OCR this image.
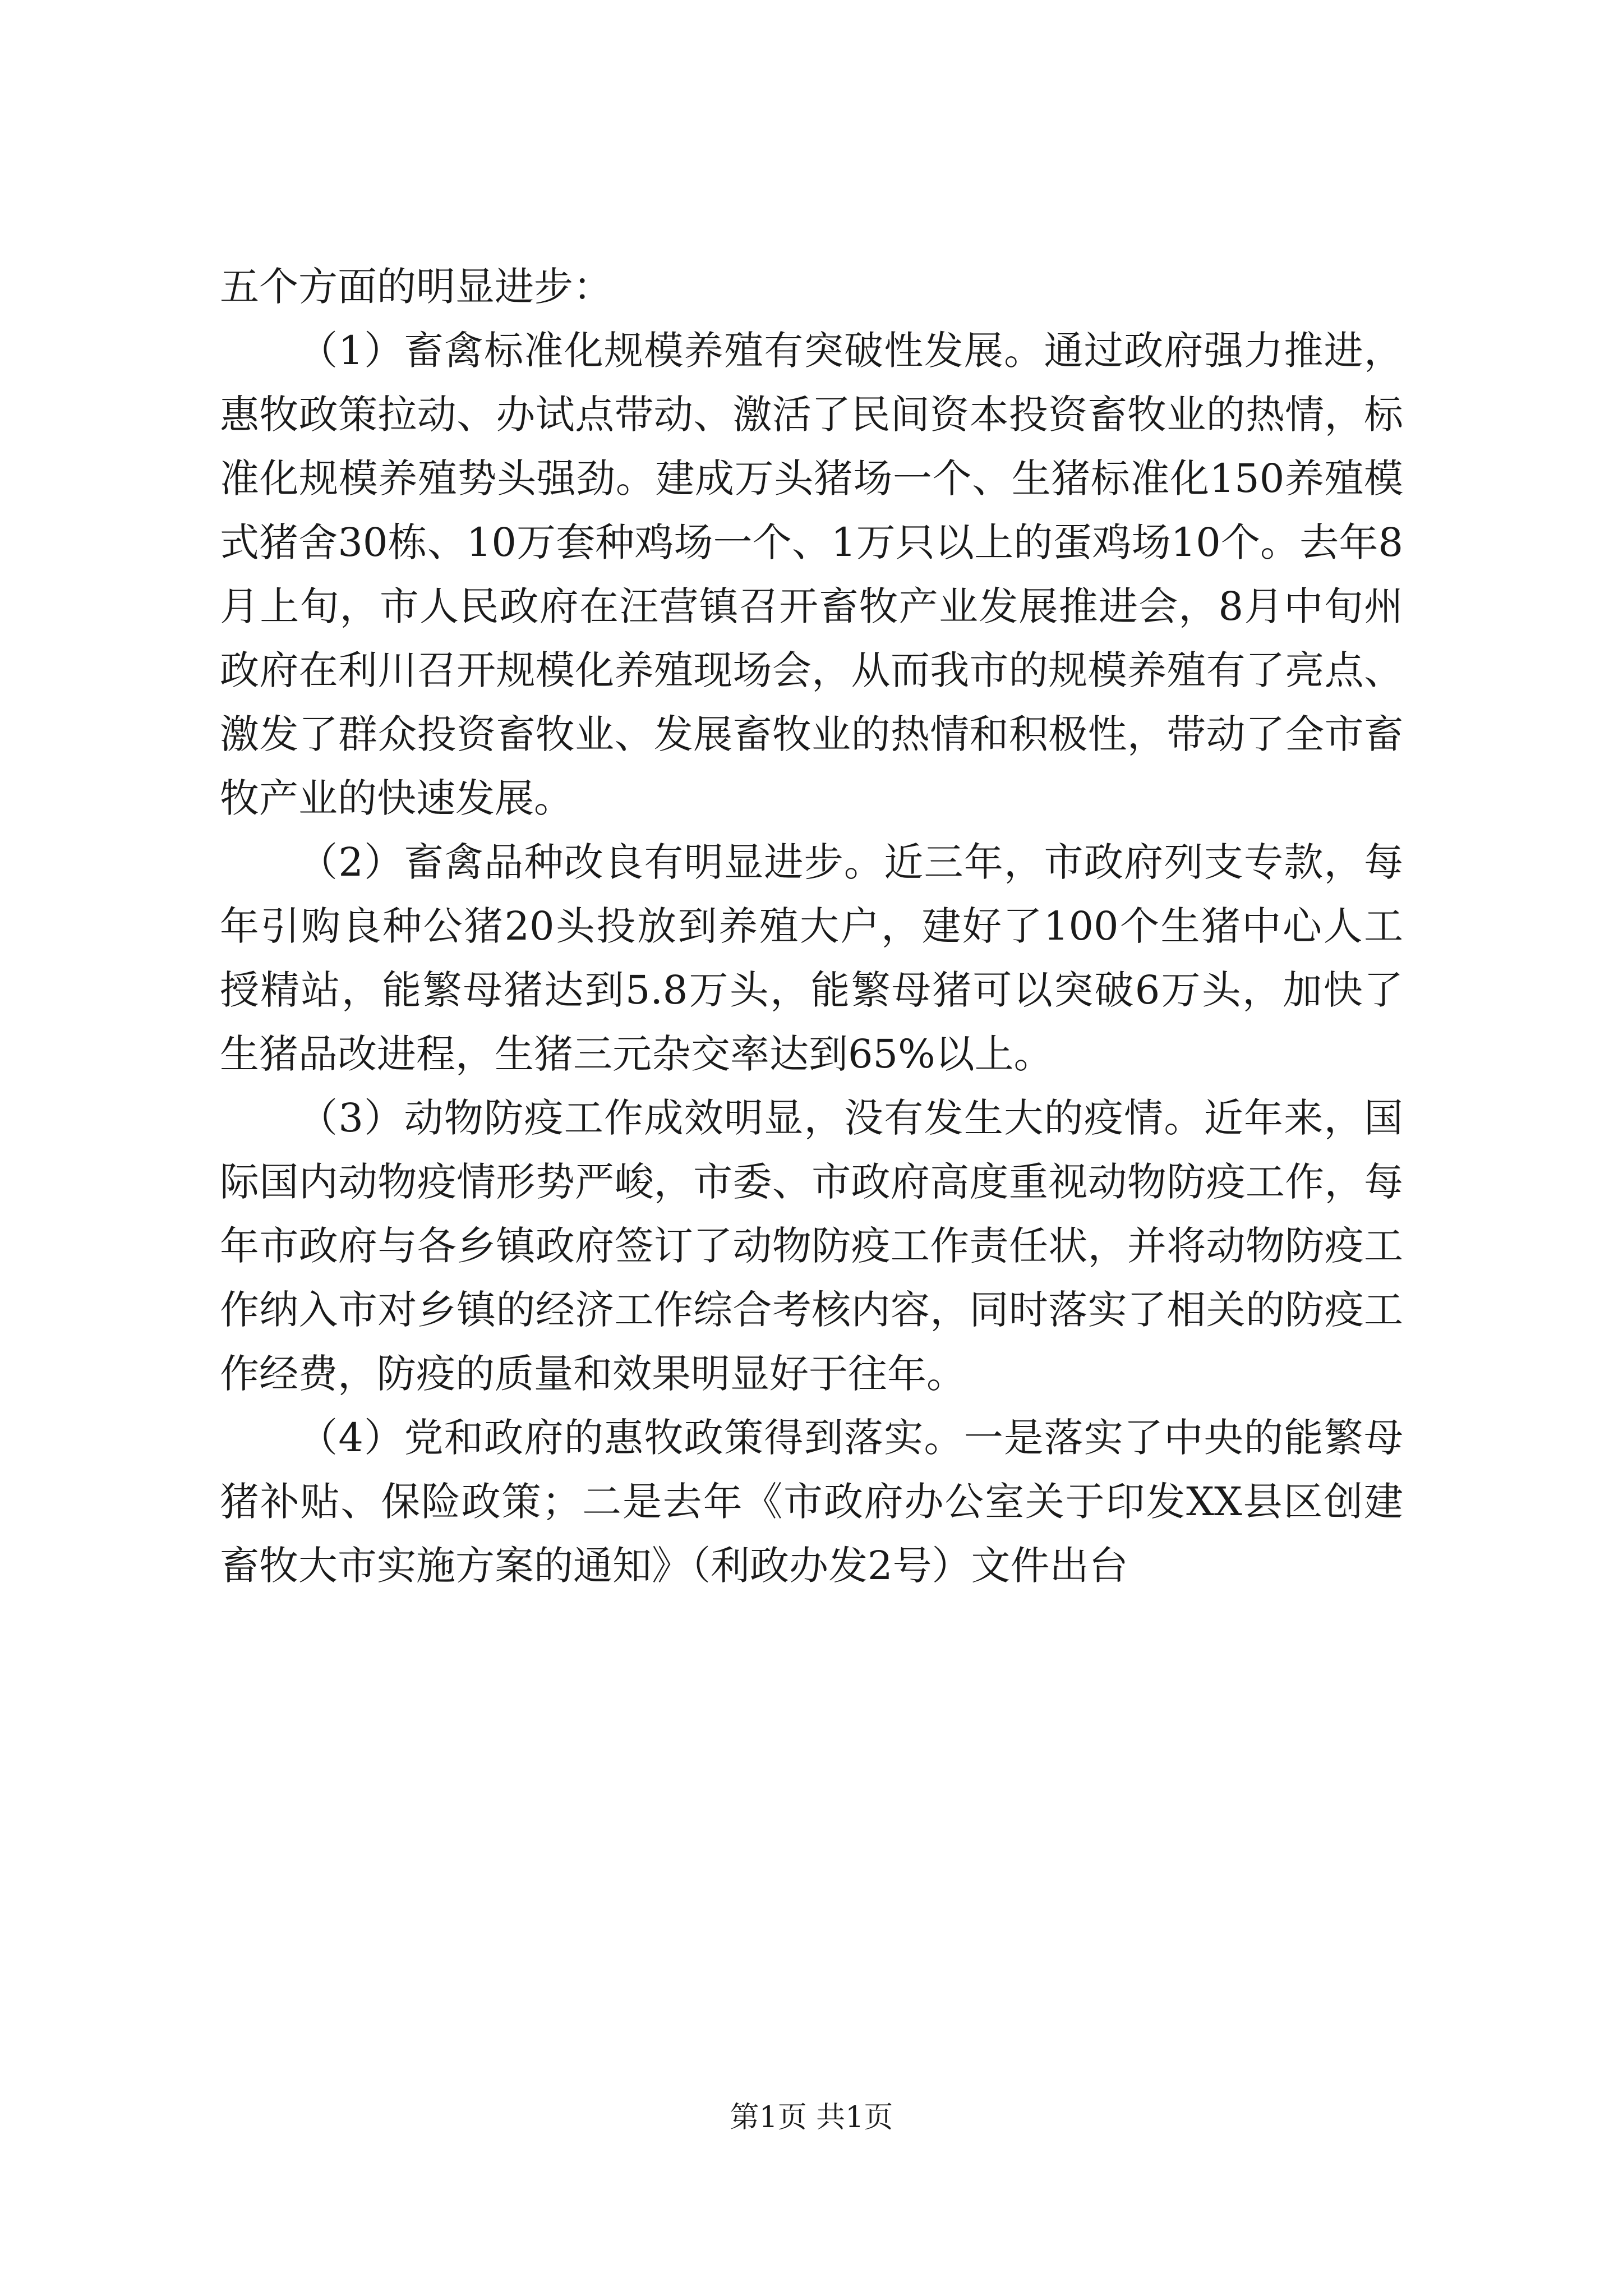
五个方面的明显进步：

（1）畜禽标准化规模养殖有突破性发展。通过政府强力推进，惠牧政策拉动、办试点带动、激活了民间资本投资畜牧业的热情，标准化规模养殖势头强劲。建成万头猪场一个、生猪标准化150养殖模式猪舍30栋、10万套种鸡场一个、1万只以上的蛋鸡场10个。去年8月上旬，市人民政府在汪营镇召开畜牧产业发展推进会，8月中旬州政府在利川召开规模化养殖现场会，从而我市的规模养殖有了亮点、激发了群众投资畜牧业、发展畜牧业的热情和积极性，带动了全市畜牧产业的快速发展。

（2）畜禽品种改良有明显进步。近三年，市政府列支专款，每年引购良种公猪20头投放到养殖大户，建好了100个生猪中心人工授精站，能繁母猪达到5.8万头，能繁母猪可以突破6万头，加快了生猪品改进程，生猪三元杂交率达到65%以上。

（3）动物防疫工作成效明显，没有发生大的疫情。近年来，国际国内动物疫情形势严峻，市委、市政府高度重视动物防疫工作，每年市政府与各乡镇政府签订了动物防疫工作责任状，并将动物防疫工作纳入市对乡镇的经济工作综合考核内容，同时落实了相关的防疫工作经费，防疫的质量和效果明显好于往年。

（4）党和政府的惠牧政策得到落实。一是落实了中央的能繁母猪补贴、保险政策；二是去年《市政府办公室关于印发XX县区创建畜牧大市实施方案的通知》（利政办发2号）文件出台

第1页 共1页
